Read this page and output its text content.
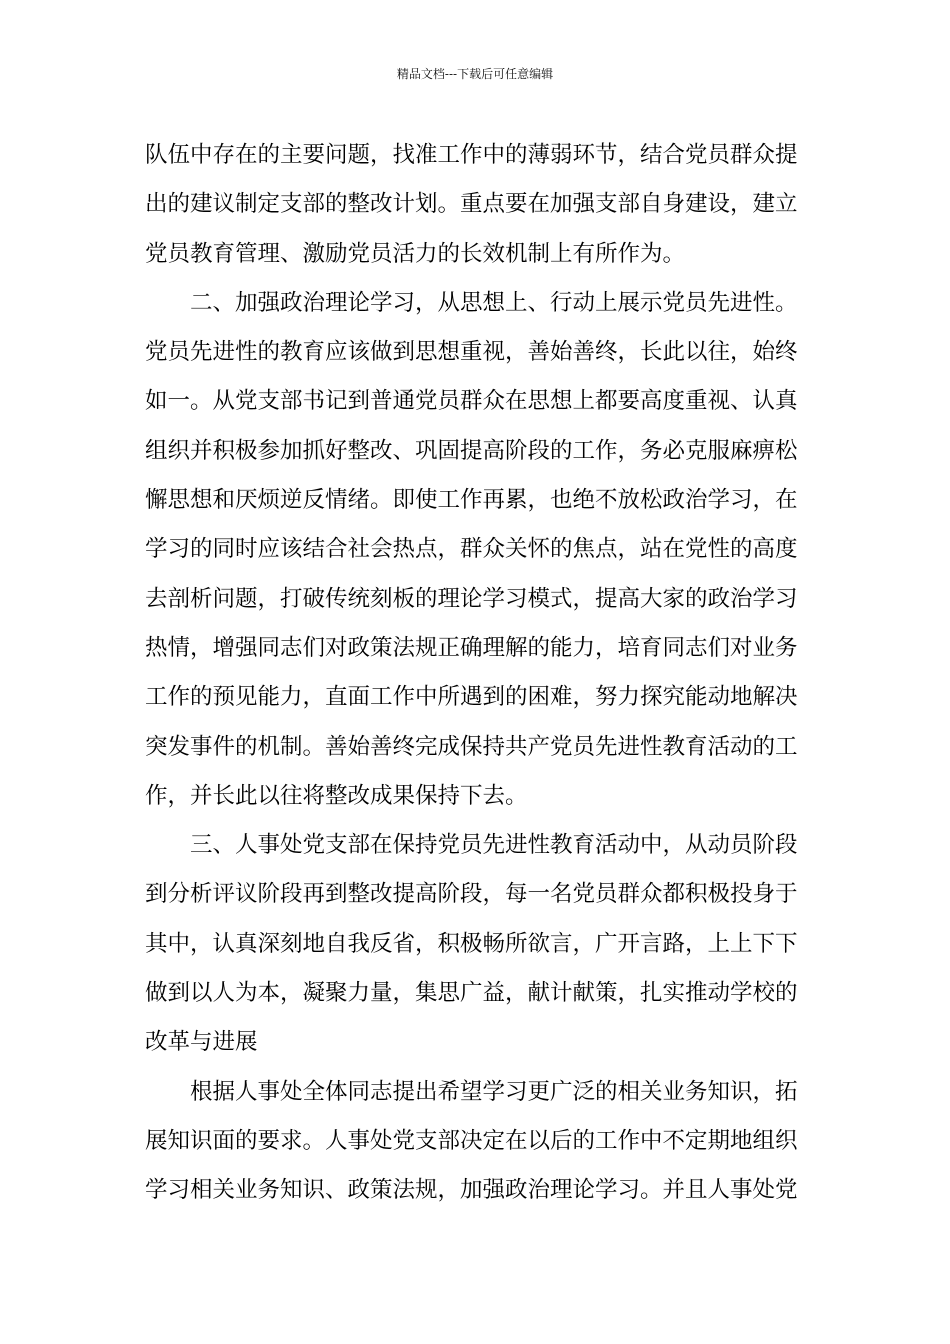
精品文档---下载后可任意编辑
队伍中存在的主要问题，找准工作中的薄弱环节，结合党员群众提
出的建议制定支部的整改计划。重点要在加强支部自身建设，建立
党员教育管理、激励党员活力的长效机制上有所作为。
二、加强政治理论学习，从思想上、行动上展示党员先进性。
党员先进性的教育应该做到思想重视，善始善终，长此以往，始终
如一。从党支部书记到普通党员群众在思想上都要高度重视、认真
组织并积极参加抓好整改、巩固提高阶段的工作，务必克服麻痹松
懈思想和厌烦逆反情绪。即使工作再累，也绝不放松政治学习，在
学习的同时应该结合社会热点，群众关怀的焦点，站在党性的高度
去剖析问题，打破传统刻板的理论学习模式，提高大家的政治学习
热情，增强同志们对政策法规正确理解的能力，培育同志们对业务
工作的预见能力，直面工作中所遇到的困难，努力探究能动地解决
突发事件的机制。善始善终完成保持共产党员先进性教育活动的工
作，并长此以往将整改成果保持下去。
三、人事处党支部在保持党员先进性教育活动中，从动员阶段
到分析评议阶段再到整改提高阶段，每一名党员群众都积极投身于
其中，认真深刻地自我反省，积极畅所欲言，广开言路，上上下下
做到以人为本，凝聚力量，集思广益，献计献策，扎实推动学校的
改革与进展
根据人事处全体同志提出希望学习更广泛的相关业务知识，拓
展知识面的要求。人事处党支部决定在以后的工作中不定期地组织
学习相关业务知识、政策法规，加强政治理论学习。并且人事处党
